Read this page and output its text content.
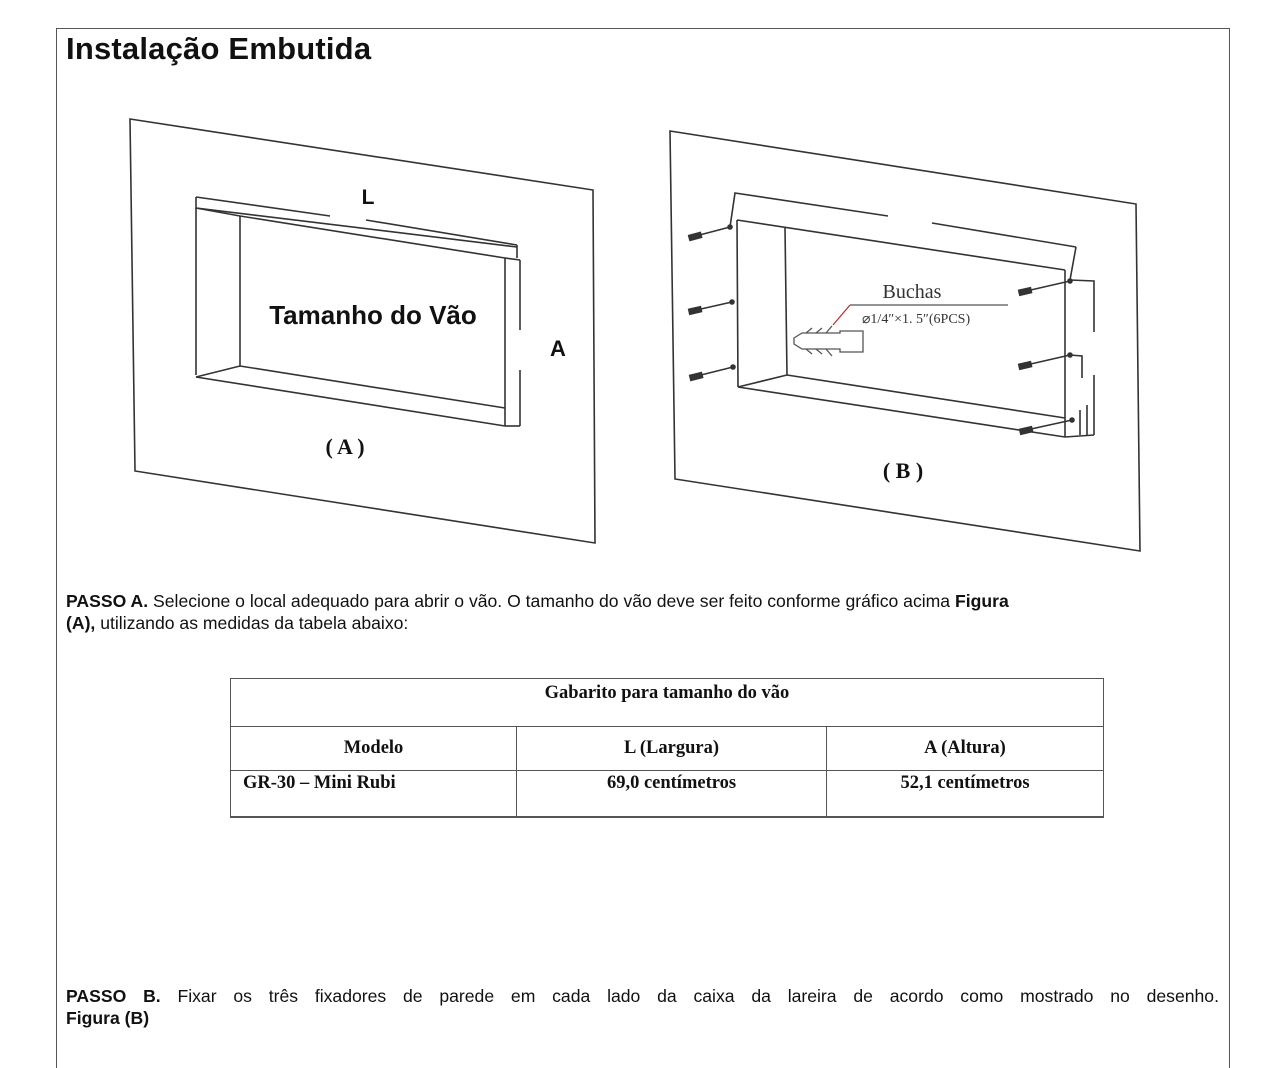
Instalação Embutida
L
Tamanho do Vão
A
( A )
Buchas
⌀1/4″×1. 5″(6PCS)
( B )

PASSO A. Selecione o local adequado para abrir o vão. O tamanho do vão deve ser feito conforme gráfico acima Figura
(A), utilizando as medidas da tabela abaixo:

Gabarito para tamanho do vão		
Modelo	L (Largura)	A (Altura)
GR-30 – Mini Rubi	69,0 centímetros	52,1 centímetros

PASSO B. Fixar os três fixadores de parede em cada lado da caixa da lareira de acordo como mostrado no desenho.
Figura (B)
